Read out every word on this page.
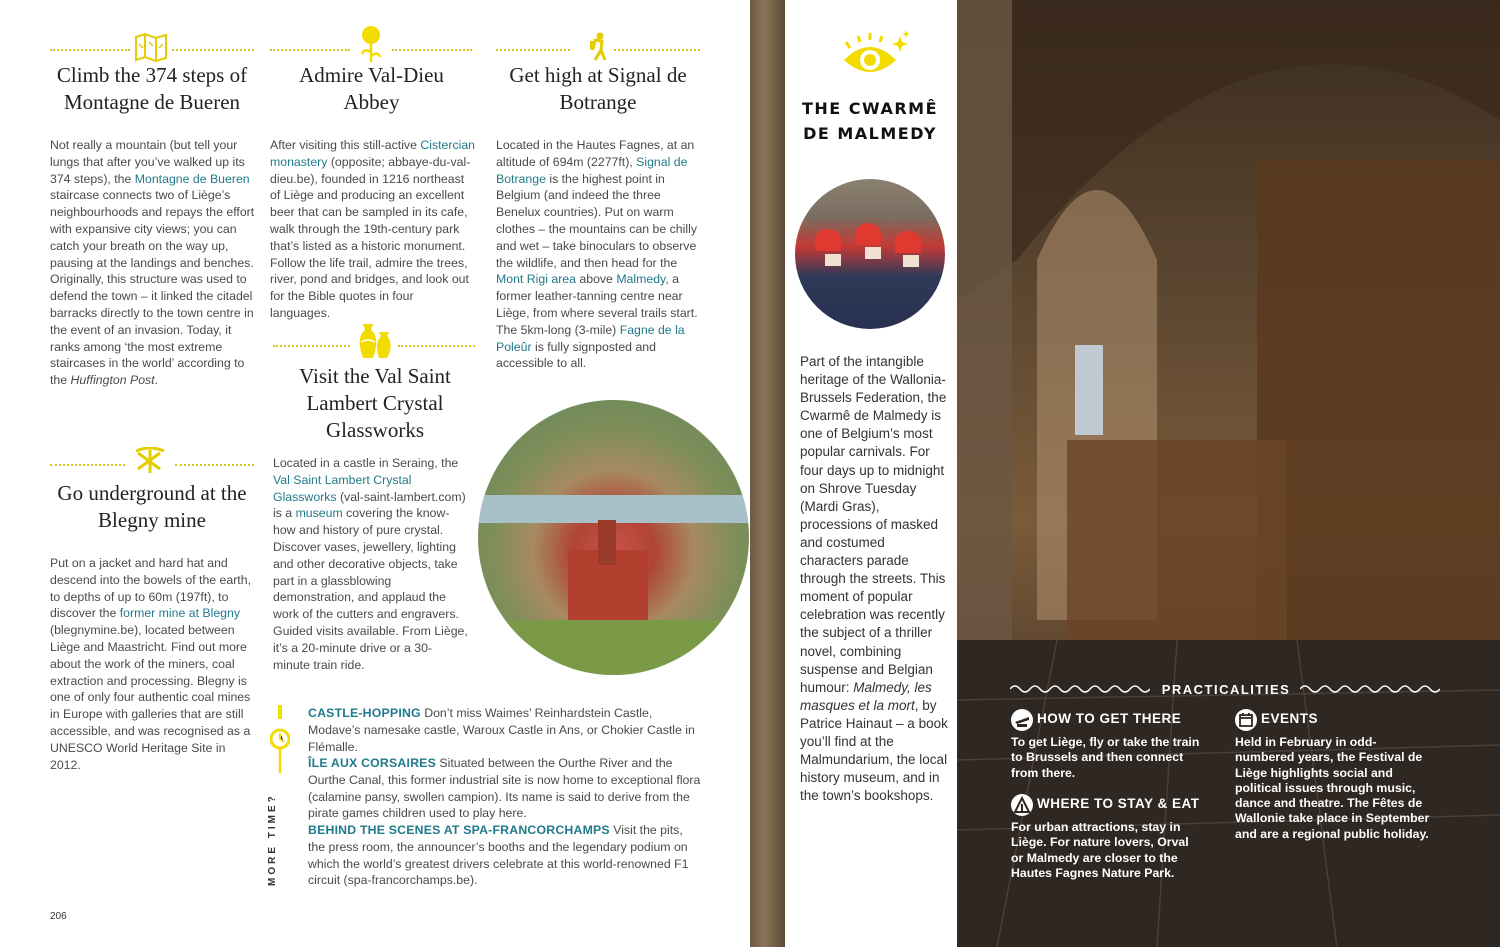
Climb the 374 steps of Montagne de Bueren
Not really a mountain (but tell your lungs that after you’ve walked up its 374 steps), the Montagne de Bueren staircase connects two of Liège’s neighbourhoods and repays the effort with expansive city views; you can catch your breath on the way up, pausing at the landings and benches. Originally, this structure was used to defend the town – it linked the citadel barracks directly to the town centre in the event of an invasion. Today, it ranks among ‘the most extreme staircases in the world’ according to the Huffington Post.
Go underground at the Blegny mine
Put on a jacket and hard hat and descend into the bowels of the earth, to depths of up to 60m (197ft), to discover the former mine at Blegny (blegnymine.be), located between Liège and Maastricht. Find out more about the work of the miners, coal extraction and processing. Blegny is one of only four authentic coal mines in Europe with galleries that are still accessible, and was recognised as a UNESCO World Heritage Site in 2012.
Admire Val-Dieu Abbey
After visiting this still-active Cistercian monastery (opposite; abbaye-du-val-dieu.be), founded in 1216 northeast of Liège and producing an excellent beer that can be sampled in its cafe, walk through the 19th-century park that’s listed as a historic monument. Follow the life trail, admire the trees, river, pond and bridges, and look out for the Bible quotes in four languages.
Visit the Val Saint Lambert Crystal Glassworks
Located in a castle in Seraing, the Val Saint Lambert Crystal Glassworks (val-saint-lambert.com) is a museum covering the know-how and history of pure crystal. Discover vases, jewellery, lighting and other decorative objects, take part in a glassblowing demonstration, and applaud the work of the cutters and engravers. Guided visits available. From Liège, it’s a 20-minute drive or a 30-minute train ride.
Get high at Signal de Botrange
Located in the Hautes Fagnes, at an altitude of 694m (2277ft), Signal de Botrange is the highest point in Belgium (and indeed the three Benelux countries). Put on warm clothes – the mountains can be chilly and wet – take binoculars to observe the wildlife, and then head for the Mont Rigi area above Malmedy, a former leather-tanning centre near Liège, from where several trails start. The 5km-long (3-mile) Fagne de la Poleûr is fully signposted and accessible to all.
MORE TIME?
CASTLE-HOPPING Don’t miss Waimes’ Reinhardstein Castle, Modave’s namesake castle, Waroux Castle in Ans, or Chokier Castle in Flémalle.
ÎLE AUX CORSAIRES Situated between the Ourthe River and the Ourthe Canal, this former industrial site is now home to exceptional flora (calamine pansy, swollen campion). Its name is said to derive from the pirate games children used to play here.
BEHIND THE SCENES AT SPA-FRANCORCHAMPS Visit the pits, the press room, the announcer’s booths and the legendary podium on which the world’s greatest drivers celebrate at this world-renowned F1 circuit (spa-francorchamps.be).
206
THE CWARMÊ
DE MALMEDY
Part of the intangible heritage of the Wallonia-Brussels Federation, the Cwarmê de Malmedy is one of Belgium’s most popular carnivals. For four days up to midnight on Shrove Tuesday (Mardi Gras), processions of masked and costumed characters parade through the streets. This moment of popular celebration was recently the subject of a thriller novel, combining suspense and Belgian humour: Malmedy, les masques et la mort, by Patrice Hainaut – a book you’ll find at the Malmundarium, the local history museum, and in the town’s bookshops.
PRACTICALITIES
HOW TO GET THERE
To get Liège, fly or take the train to Brussels and then connect from there.
WHERE TO STAY & EAT
For urban attractions, stay in Liège. For nature lovers, Orval or Malmedy are closer to the Hautes Fagnes Nature Park.
EVENTS
Held in February in odd-numbered years, the Festival de Liège highlights social and political issues through music, dance and theatre. The Fêtes de Wallonie take place in September and are a regional public holiday.
